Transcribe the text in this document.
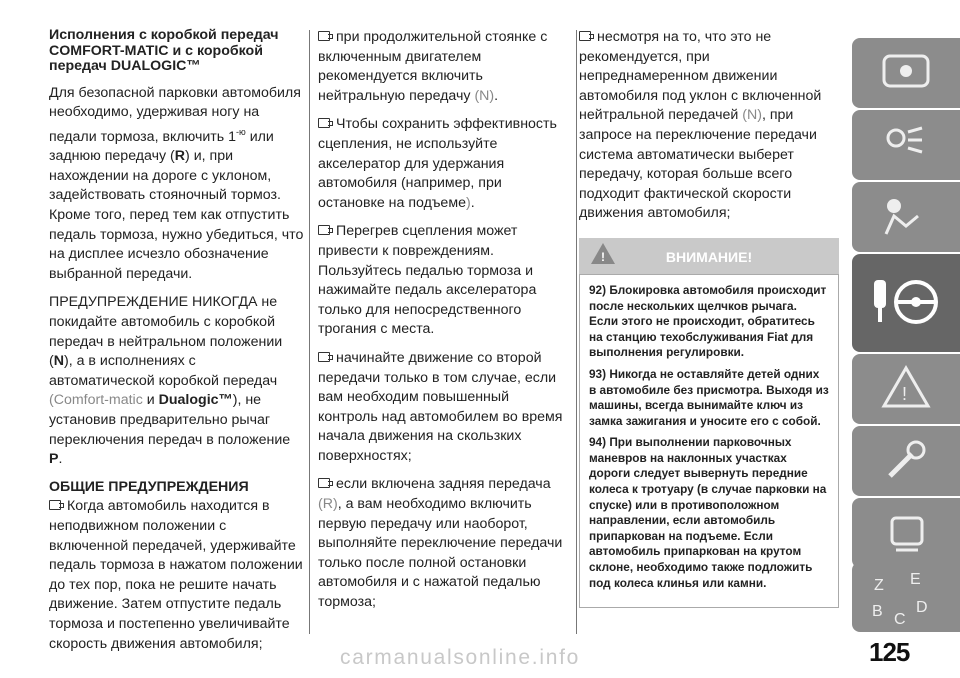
Исполнения с коробкой передач COMFORT-MATIC и с коробкой передач DUALOGIC™

Для безопасной парковки автомобиля необходимо, удерживая ногу на педали тормоза, включить $1^{-ю}$ или заднюю передачу (R) и, при нахождении на дороге с уклоном, задействовать стояночный тормоз. Кроме того, перед тем как отпустить педаль тормоза, нужно убедиться, что на дисплее исчезло обозначение выбранной передачи.

ПРЕДУПРЕЖДЕНИЕ НИКОГДА не покидайте автомобиль с коробкой передач в нейтральном положении (N), а в исполнениях с автоматической коробкой передач
(Comfort-matic и Dualogic™), не установив предварительно рычаг переключения передач в положение P.

ОБЩИЕ ПРЕДУПРЕЖДЕНИЯ

Когда автомобиль находится в неподвижном положении с включенной передачей, удерживайте педаль тормоза в нажатом положении до тех пор, пока не решите начать движение. Затем отпустите педаль тормоза и постепенно увеличивайте скорость движения автомобиля;

при продолжительной стоянке с включенным двигателем рекомендуется включить нейтральную передачу (N).

Чтобы сохранить эффективность сцепления, не используйте акселератор для удержания автомобиля (например, при остановке на подъеме).

Перегрев сцепления может привести к повреждениям. Пользуйтесь педалью тормоза и нажимайте педаль акселератора только для непосредственного трогания с места.

начинайте движение со второй передачи только в том случае, если вам необходим повышенный контроль над автомобилем во время начала движения на скользких поверхностях;

если включена задняя передача (R), а вам необходимо включить первую передачу или наоборот, выполняйте переключение передачи только после полной остановки автомобиля и с нажатой педалью тормоза;

несмотря на то, что это не рекомендуется, при непреднамеренном движении автомобиля под уклон с включенной нейтральной передачей (N), при запросе на переключение передачи система автоматически выберет передачу, которая больше всего подходит фактической скорости движения автомобиля;

!	ВНИМАНИЕ!

92) Блокировка автомобиля происходит после нескольких щелчков рычага. Если этого не происходит, обратитесь на станцию техобслуживания Fiat для выполнения регулировки.

93) Никогда не оставляйте детей одних в автомобиле без присмотра. Выходя из машины, всегда вынимайте ключ из замка зажигания и уносите его с собой.

94) При выполнении парковочных маневров на наклонных участках дороги следует вывернуть передние колеса к тротуару (в случае парковки на спуске) или в противоположном направлении, если автомобиль припаркован на подъеме. Если автомобиль припаркован на крутом склоне, необходимо также подложить под колеса клинья или камни.

!
Z E
B C
D
125
carmanualsonline.info
